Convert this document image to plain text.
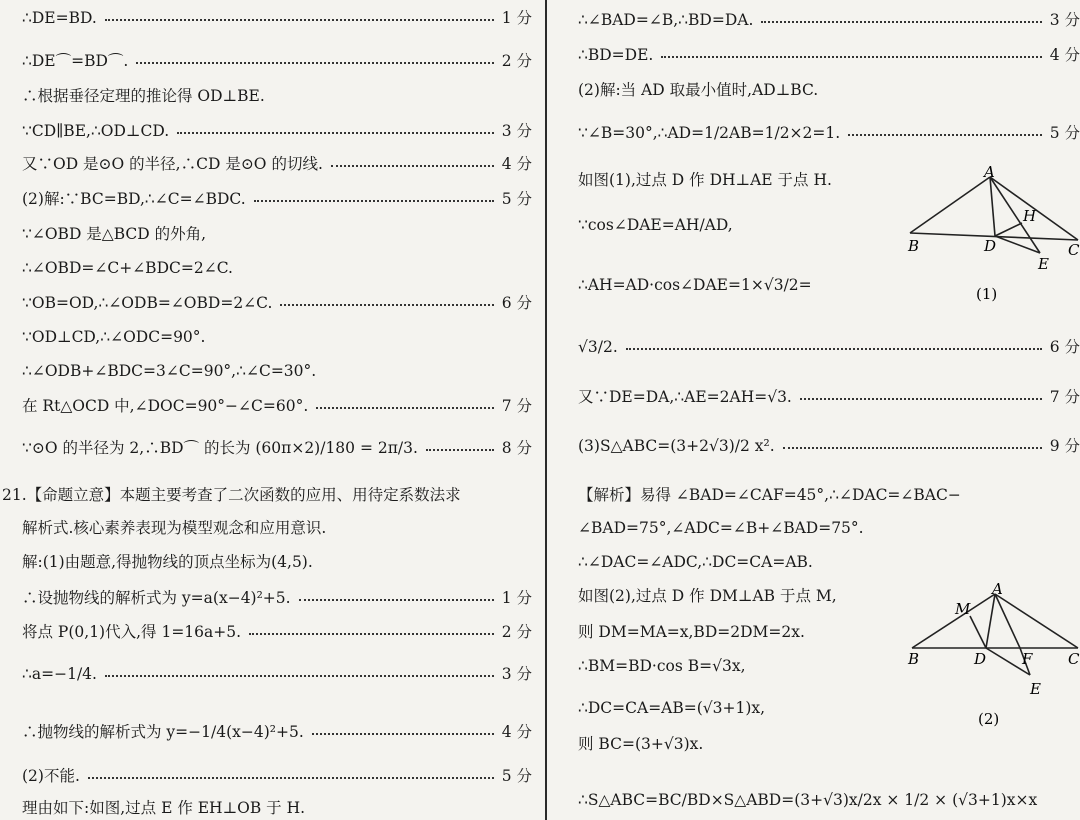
∴DE=BD.	1 分
∴DE⌒=BD⌒.	2 分
∴根据垂径定理的推论得 OD⊥BE.
∵CD∥BE,∴OD⊥CD.	3 分
又∵OD 是⊙O 的半径,∴CD 是⊙O 的切线.	4 分
(2)解:∵BC=BD,∴∠C=∠BDC.	5 分
∵∠OBD 是△BCD 的外角,
∴∠OBD=∠C+∠BDC=2∠C.
∵OB=OD,∴∠ODB=∠OBD=2∠C.	6 分
∵OD⊥CD,∴∠ODC=90°.
∴∠ODB+∠BDC=3∠C=90°,∴∠C=30°.
在 Rt△OCD 中,∠DOC=90°−∠C=60°.	7 分
∵⊙O 的半径为 2,∴BD⌒ 的长为 (60π×2)/180 = 2π/3.	8 分
21.【命题立意】本题主要考查了二次函数的应用、用待定系数法求
解析式.核心素养表现为模型观念和应用意识.
解:(1)由题意,得抛物线的顶点坐标为(4,5).
∴设抛物线的解析式为 y=a(x−4)²+5.	1 分
将点 P(0,1)代入,得 1=16a+5.	2 分
∴a=−1/4.	3 分
∴抛物线的解析式为 y=−1/4(x−4)²+5.	4 分
(2)不能.	5 分
理由如下:如图,过点 E 作 EH⊥OB 于 H.
∴∠BAD=∠B,∴BD=DA.	3 分
∴BD=DE.	4 分
(2)解:当 AD 取最小值时,AD⊥BC.
∵∠B=30°,∴AD=1/2AB=1/2×2=1.	5 分
如图(1),过点 D 作 DH⊥AE 于点 H.
∵cos∠DAE=AH/AD,
∴AH=AD·cos∠DAE=1×√3/2=
√3/2.	6 分
又∵DE=DA,∴AE=2AH=√3.	7 分
(3)S△ABC=(3+2√3)/2 x².	9 分
【解析】易得 ∠BAD=∠CAF=45°,∴∠DAC=∠BAC−
∠BAD=75°,∠ADC=∠B+∠BAD=75°.
∴∠DAC=∠ADC,∴DC=CA=AB.
如图(2),过点 D 作 DM⊥AB 于点 M,
则 DM=MA=x,BD=2DM=2x.
∴BM=BD·cos B=√3x,
∴DC=CA=AB=(√3+1)x,
则 BC=(3+√3)x.
∴S△ABC=BC/BD×S△ABD=(3+√3)x/2x × 1/2 × (√3+1)x×x
A
H
B	D	C
E
(1)
M
A
B	D F C
E
(2)
